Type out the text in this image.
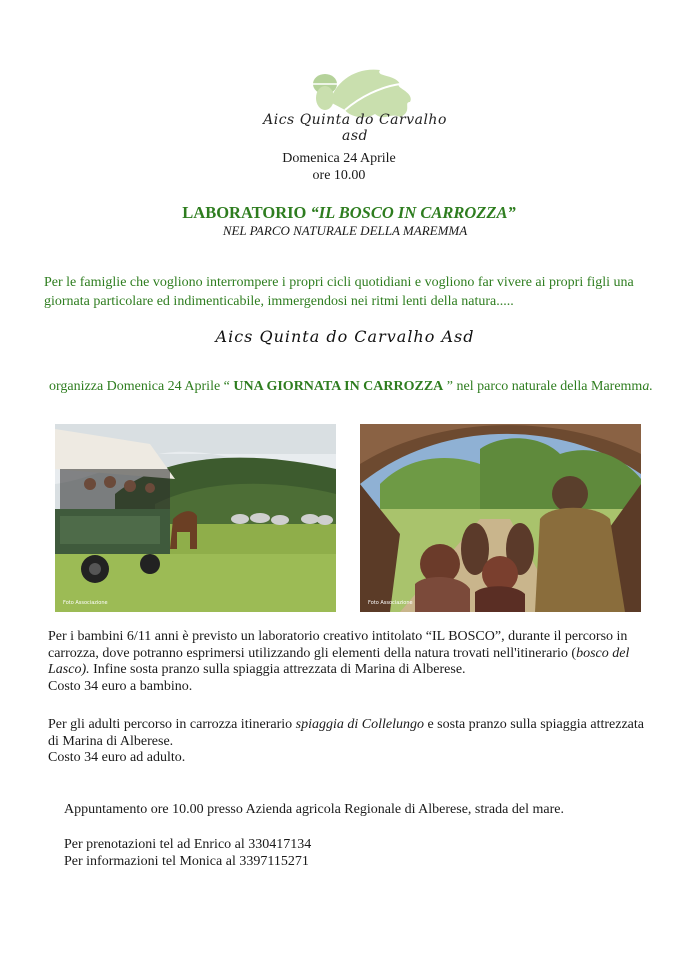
Aics Quinta do Carvalho asd
Domenica 24 Aprile
ore 10.00
LABORATORIO “IL BOSCO IN CARROZZA”
NEL PARCO NATURALE DELLA MAREMMA
Per le famiglie che vogliono interrompere i propri cicli quotidiani e vogliono far vivere ai propri figli una giornata particolare ed indimenticabile, immergendosi nei ritmi lenti della natura.....
Aics Quinta do Carvalho Asd
organizza Domenica 24 Aprile “ UNA GIORNATA IN CARROZZA ” nel parco naturale della Maremma.
Foto Associazione	Foto Associazione
Per i bambini 6/11 anni è previsto un laboratorio creativo intitolato “IL BOSCO”, durante il percorso in carrozza, dove potranno esprimersi utilizzando gli elementi della natura trovati nell'itinerario (bosco del Lasco). Infine sosta pranzo sulla spiaggia attrezzata di Marina di Alberese.
Costo 34 euro a bambino.
Per gli adulti percorso in carrozza itinerario spiaggia di Collelungo e sosta pranzo sulla spiaggia attrezzata di Marina di Alberese.
Costo 34 euro ad adulto.
Appuntamento ore 10.00 presso Azienda agricola Regionale di Alberese, strada del mare.
Per prenotazioni tel ad Enrico al 330417134
Per informazioni tel Monica al 3397115271
